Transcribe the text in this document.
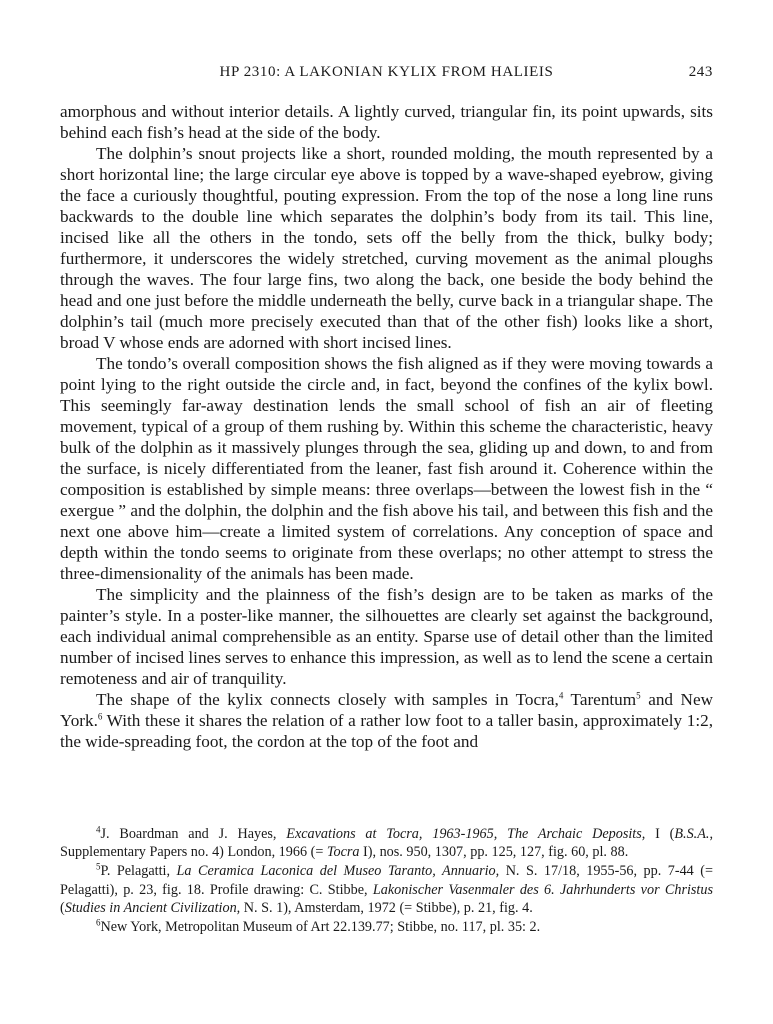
HP 2310: A LAKONIAN KYLIX FROM HALIEIS	243

amorphous and without interior details. A lightly curved, triangular fin, its point upwards, sits behind each fish’s head at the side of the body.

The dolphin’s snout projects like a short, rounded molding, the mouth represented by a short horizontal line; the large circular eye above is topped by a wave-shaped eyebrow, giving the face a curiously thoughtful, pouting expression. From the top of the nose a long line runs backwards to the double line which separates the dolphin’s body from its tail. This line, incised like all the others in the tondo, sets off the belly from the thick, bulky body; furthermore, it underscores the widely stretched, curving movement as the animal ploughs through the waves. The four large fins, two along the back, one beside the body behind the head and one just before the middle underneath the belly, curve back in a triangular shape. The dolphin’s tail (much more precisely executed than that of the other fish) looks like a short, broad V whose ends are adorned with short incised lines.

The tondo’s overall composition shows the fish aligned as if they were moving towards a point lying to the right outside the circle and, in fact, beyond the confines of the kylix bowl. This seemingly far-away destination lends the small school of fish an air of fleeting movement, typical of a group of them rushing by. Within this scheme the characteristic, heavy bulk of the dolphin as it massively plunges through the sea, gliding up and down, to and from the surface, is nicely differentiated from the leaner, fast fish around it. Coherence within the composition is established by simple means: three overlaps—between the lowest fish in the “ exergue ” and the dolphin, the dolphin and the fish above his tail, and between this fish and the next one above him—create a limited system of correlations. Any conception of space and depth within the tondo seems to originate from these overlaps; no other attempt to stress the three-dimensionality of the animals has been made.

The simplicity and the plainness of the fish’s design are to be taken as marks of the painter’s style. In a poster-like manner, the silhouettes are clearly set against the background, each individual animal comprehensible as an entity. Sparse use of detail other than the limited number of incised lines serves to enhance this impression, as well as to lend the scene a certain remoteness and air of tranquility.

The shape of the kylix connects closely with samples in Tocra,$^4$ Tarentum$^5$ and New York.$^6$ With these it shares the relation of a rather low foot to a taller basin, approximately 1:2, the wide-spreading foot, the cordon at the top of the foot and

$^4$J. Boardman and J. Hayes, Excavations at Tocra, 1963-1965, The Archaic Deposits, I (B.S.A., Supplementary Papers no. 4) London, 1966 (= Tocra I), nos. 950, 1307, pp. 125, 127, fig. 60, pl. 88.

$^5$P. Pelagatti, La Ceramica Laconica del Museo Taranto, Annuario, N. S. 17/18, 1955-56, pp. 7-44 (= Pelagatti), p. 23, fig. 18. Profile drawing: C. Stibbe, Lakonischer Vasenmaler des 6. Jahrhunderts vor Christus (Studies in Ancient Civilization, N. S. 1), Amsterdam, 1972 (= Stibbe), p. 21, fig. 4.

$^6$New York, Metropolitan Museum of Art 22.139.77; Stibbe, no. 117, pl. 35: 2.
